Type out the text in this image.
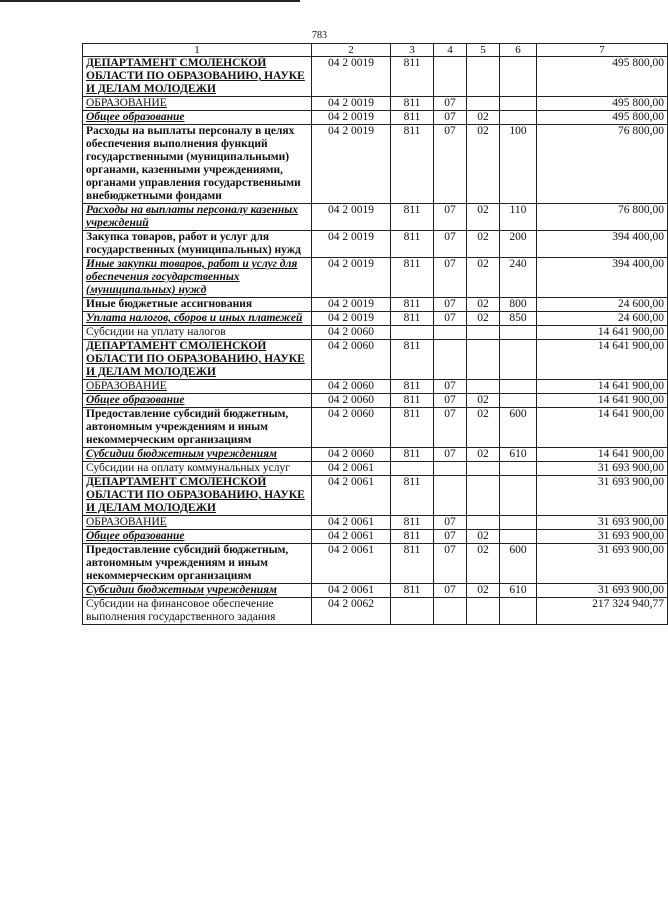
783
1	2	3	4	5	6	7
ДЕПАРТАМЕНТ СМОЛЕНСКОЙ ОБЛАСТИ ПО ОБРАЗОВАНИЮ, НАУКЕ И ДЕЛАМ МОЛОДЕЖИ	04 2 0019	811				495 800,00
ОБРАЗОВАНИЕ	04 2 0019	811	07			495 800,00
Общее образование	04 2 0019	811	07	02		495 800,00
Расходы на выплаты персоналу в целях обеспечения выполнения функций государственными (муниципальными) органами, казенными учреждениями, органами управления государственными внебюджетными фондами	04 2 0019	811	07	02	100	76 800,00
Расходы на выплаты персоналу казенных учреждений	04 2 0019	811	07	02	110	76 800,00
Закупка товаров, работ и услуг для государственных (муниципальных) нужд	04 2 0019	811	07	02	200	394 400,00
Иные закупки товаров, работ и услуг для обеспечения государственных (муниципальных) нужд	04 2 0019	811	07	02	240	394 400,00
Иные бюджетные ассигнования	04 2 0019	811	07	02	800	24 600,00
Уплата налогов, сборов и иных платежей	04 2 0019	811	07	02	850	24 600,00
Субсидии на уплату налогов	04 2 0060					14 641 900,00
ДЕПАРТАМЕНТ СМОЛЕНСКОЙ ОБЛАСТИ ПО ОБРАЗОВАНИЮ, НАУКЕ И ДЕЛАМ МОЛОДЕЖИ	04 2 0060	811				14 641 900,00
ОБРАЗОВАНИЕ	04 2 0060	811	07			14 641 900,00
Общее образование	04 2 0060	811	07	02		14 641 900,00
Предоставление субсидий бюджетным, автономным учреждениям и иным некоммерческим организациям	04 2 0060	811	07	02	600	14 641 900,00
Субсидии бюджетным учреждениям	04 2 0060	811	07	02	610	14 641 900,00
Субсидии на оплату коммунальных услуг	04 2 0061					31 693 900,00
ДЕПАРТАМЕНТ СМОЛЕНСКОЙ ОБЛАСТИ ПО ОБРАЗОВАНИЮ, НАУКЕ И ДЕЛАМ МОЛОДЕЖИ	04 2 0061	811				31 693 900,00
ОБРАЗОВАНИЕ	04 2 0061	811	07			31 693 900,00
Общее образование	04 2 0061	811	07	02		31 693 900,00
Предоставление субсидий бюджетным, автономным учреждениям и иным некоммерческим организациям	04 2 0061	811	07	02	600	31 693 900,00
Субсидии бюджетным учреждениям	04 2 0061	811	07	02	610	31 693 900,00
Субсидии на финансовое обеспечение выполнения государственного задания	04 2 0062					217 324 940,77
